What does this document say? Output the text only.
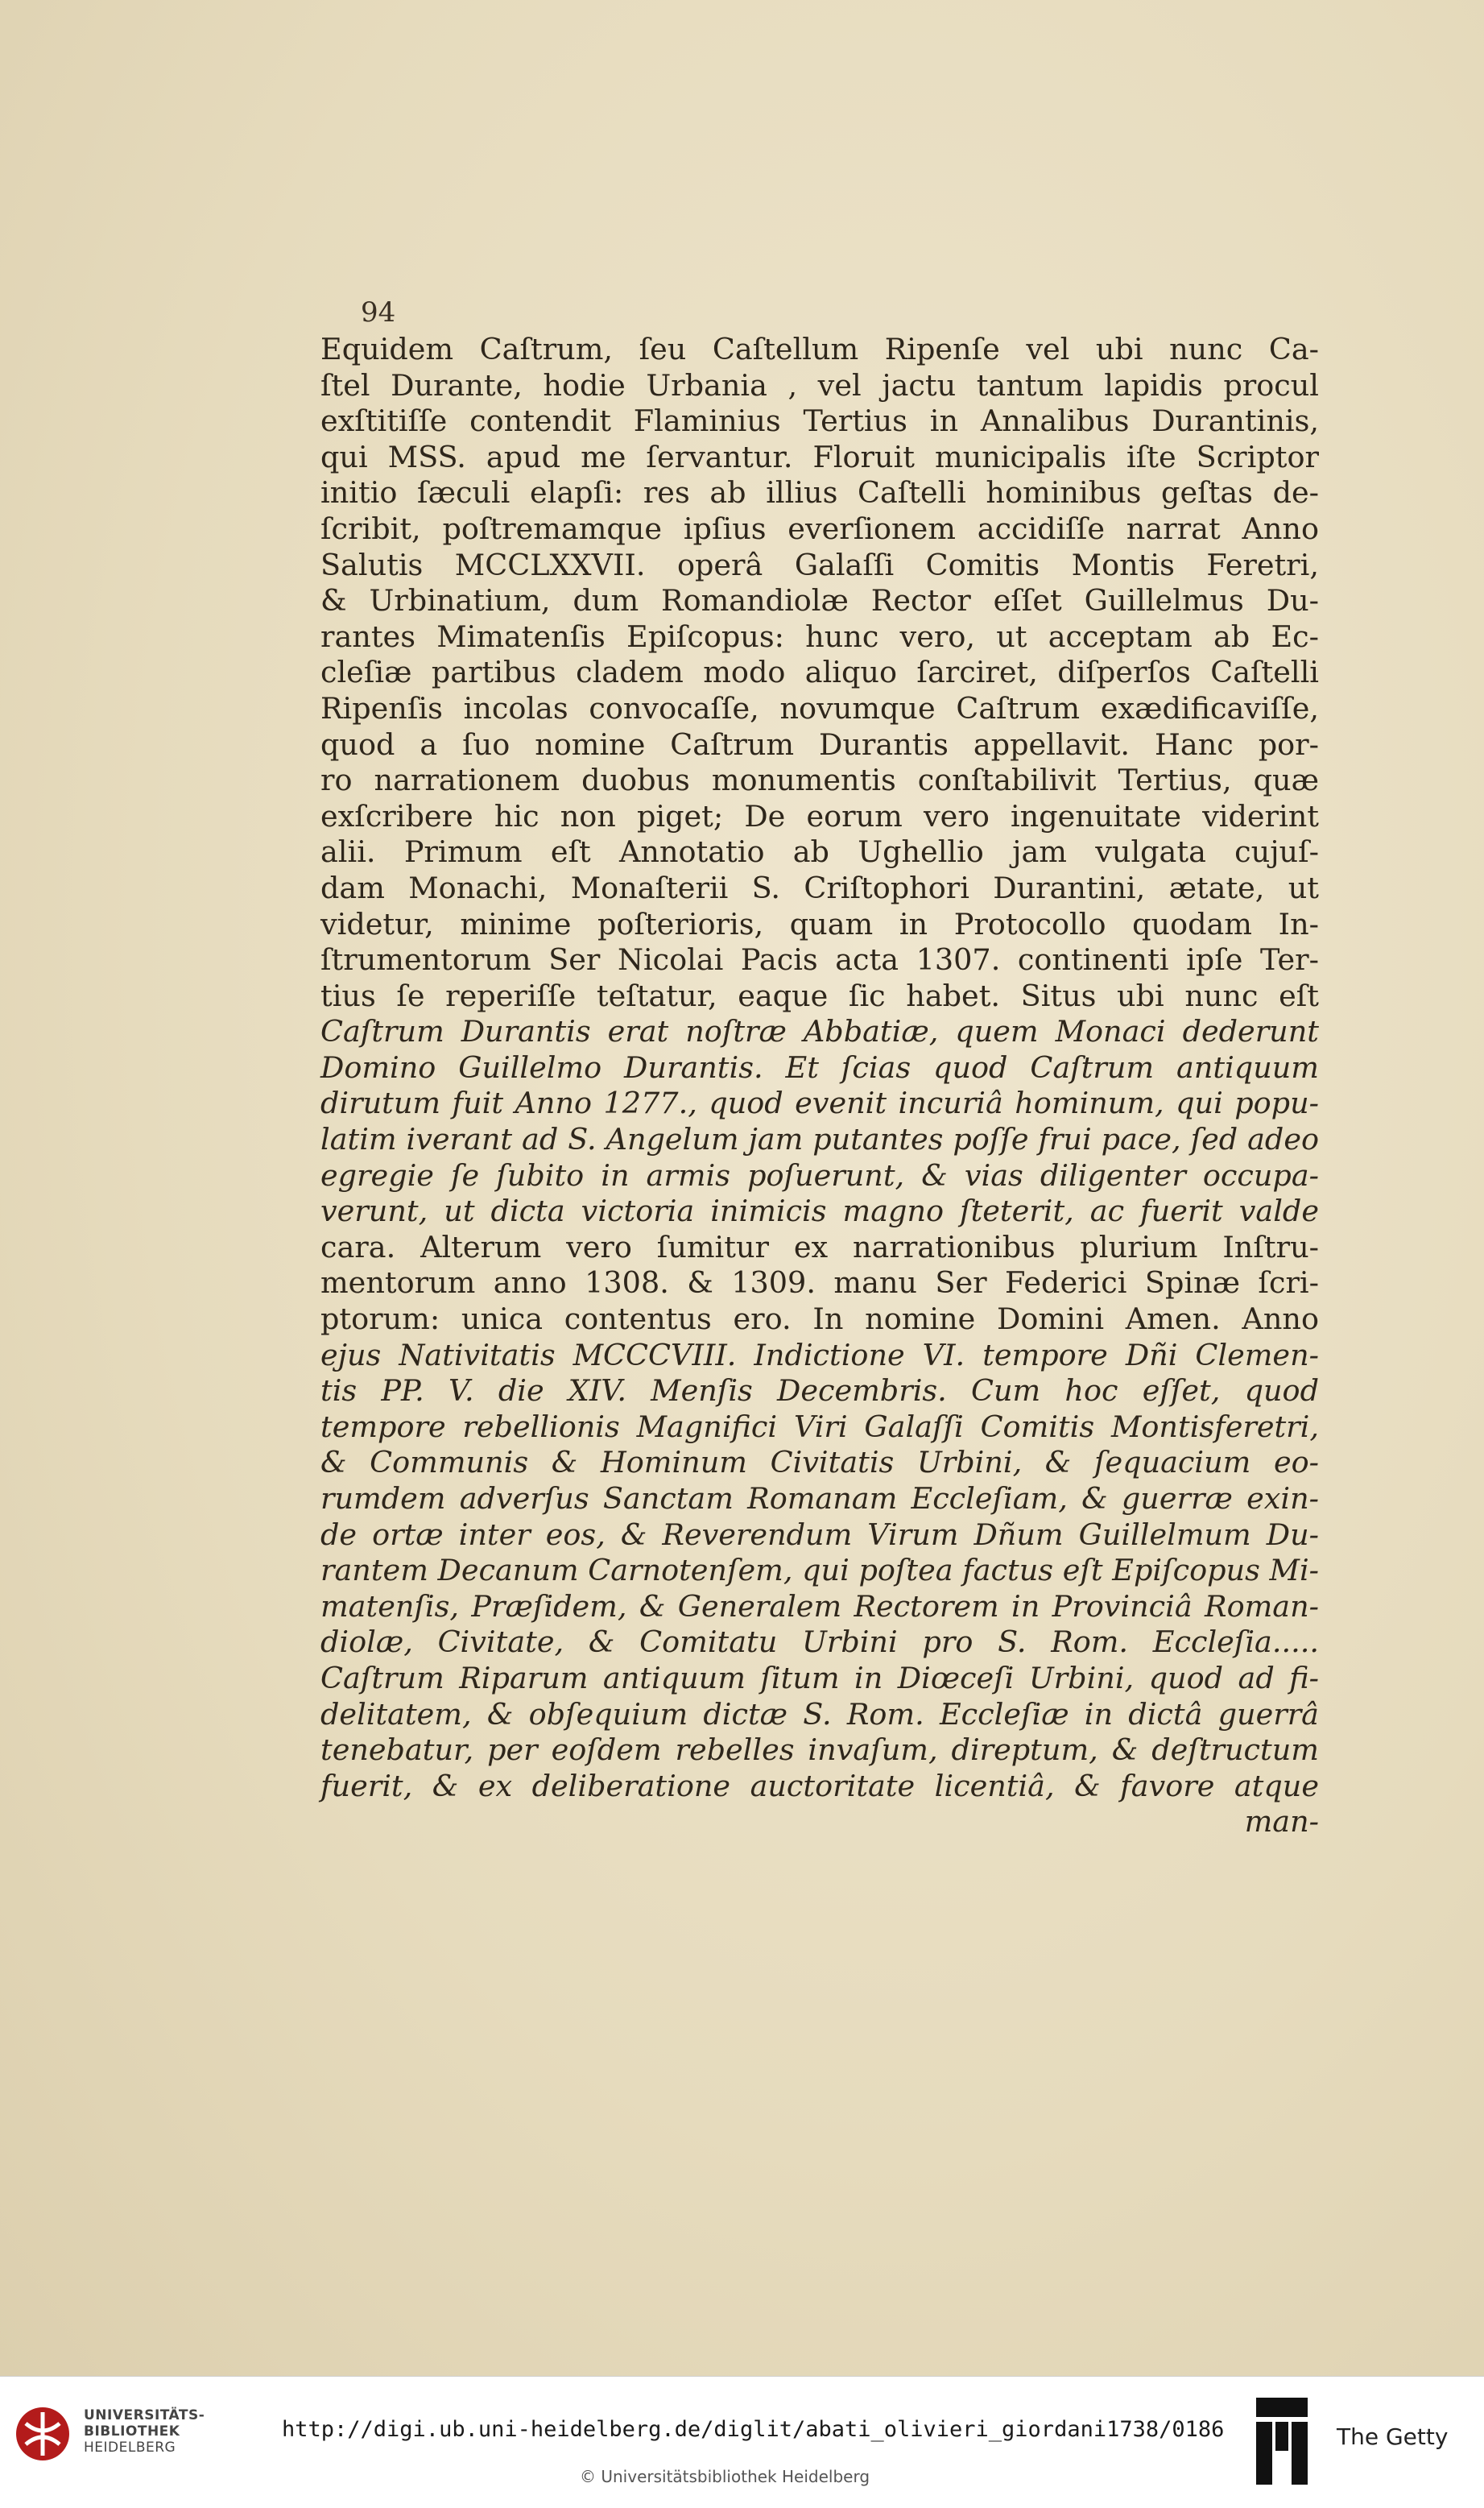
94
Equidem Caſtrum, ſeu Caſtellum Ripenſe vel ubi nunc Ca-
ſtel Durante, hodie Urbania , vel jactu tantum lapidis procul
exſtitiſſe contendit Flaminius Tertius in Annalibus Durantinis,
qui MSS. apud me ſervantur. Floruit municipalis iſte Scriptor
initio ſæculi elapſi: res ab illius Caſtelli hominibus geſtas de-
ſcribit, poſtremamque ipſius everſionem accidiſſe narrat Anno
Salutis MCCLXXVII. operâ Galaſſi Comitis Montis Feretri,
& Urbinatium, dum Romandiolæ Rector eſſet Guillelmus Du-
rantes Mimatenſis Epiſcopus: hunc vero, ut acceptam ab Ec-
cleſiæ partibus cladem modo aliquo ſarciret, diſperſos Caſtelli
Ripenſis incolas convocaſſe, novumque Caſtrum exædificaviſſe,
quod a ſuo nomine Caſtrum Durantis appellavit. Hanc por-
ro narrationem duobus monumentis conſtabilivit Tertius, quæ
exſcribere hic non piget; De eorum vero ingenuitate viderint
alii. Primum eſt Annotatio ab Ughellio jam vulgata cujuſ-
dam Monachi, Monaſterii S. Criſtophori Durantini, ætate, ut
videtur, minime poſterioris, quam in Protocollo quodam In-
ſtrumentorum Ser Nicolai Pacis acta 1307. continenti ipſe Ter-
tius ſe reperiſſe teſtatur, eaque ſic habet. Situs ubi nunc eſt
Caſtrum Durantis erat noſtræ Abbatiæ, quem Monaci dederunt
Domino Guillelmo Durantis. Et ſcias quod Caſtrum antiquum
dirutum fuit Anno 1277., quod evenit incuriâ hominum, qui popu-
latim iverant ad S. Angelum jam putantes poſſe frui pace, ſed adeo
egregie ſe ſubito in armis poſuerunt, & vias diligenter occupa-
verunt, ut dicta victoria inimicis magno ſteterit, ac fuerit valde
cara. Alterum vero ſumitur ex narrationibus plurium Inſtru-
mentorum anno 1308. & 1309. manu Ser Federici Spinæ ſcri-
ptorum: unica contentus ero. In nomine Domini Amen. Anno
ejus Nativitatis MCCCVIII. Indictione VI. tempore Dñi Clemen-
tis PP. V. die XIV. Menſis Decembris. Cum hoc eſſet, quod
tempore rebellionis Magnifici Viri Galaſſi Comitis Montisferetri,
& Communis & Hominum Civitatis Urbini, & ſequacium eo-
rumdem adverſus Sanctam Romanam Eccleſiam, & guerræ exin-
de ortæ inter eos, & Reverendum Virum Dñum Guillelmum Du-
rantem Decanum Carnotenſem, qui poſtea factus eſt Epiſcopus Mi-
matenſis, Præſidem, & Generalem Rectorem in Provinciâ Roman-
diolæ, Civitate, & Comitatu Urbini pro S. Rom. Eccleſia.....
Caſtrum Riparum antiquum ſitum in Diœceſi Urbini, quod ad fi-
delitatem, & obſequium dictæ S. Rom. Eccleſiæ in dictâ guerrâ
tenebatur, per eoſdem rebelles invaſum, direptum, & deſtructum
fuerit, & ex deliberatione auctoritate licentiâ, & favore atque
man-
UNIVERSITÄTS-
BIBLIOTHEK
HEIDELBERG
http://digi.ub.uni-heidelberg.de/diglit/abati_olivieri_giordani1738/0186
© Universitätsbibliothek Heidelberg
The Getty
